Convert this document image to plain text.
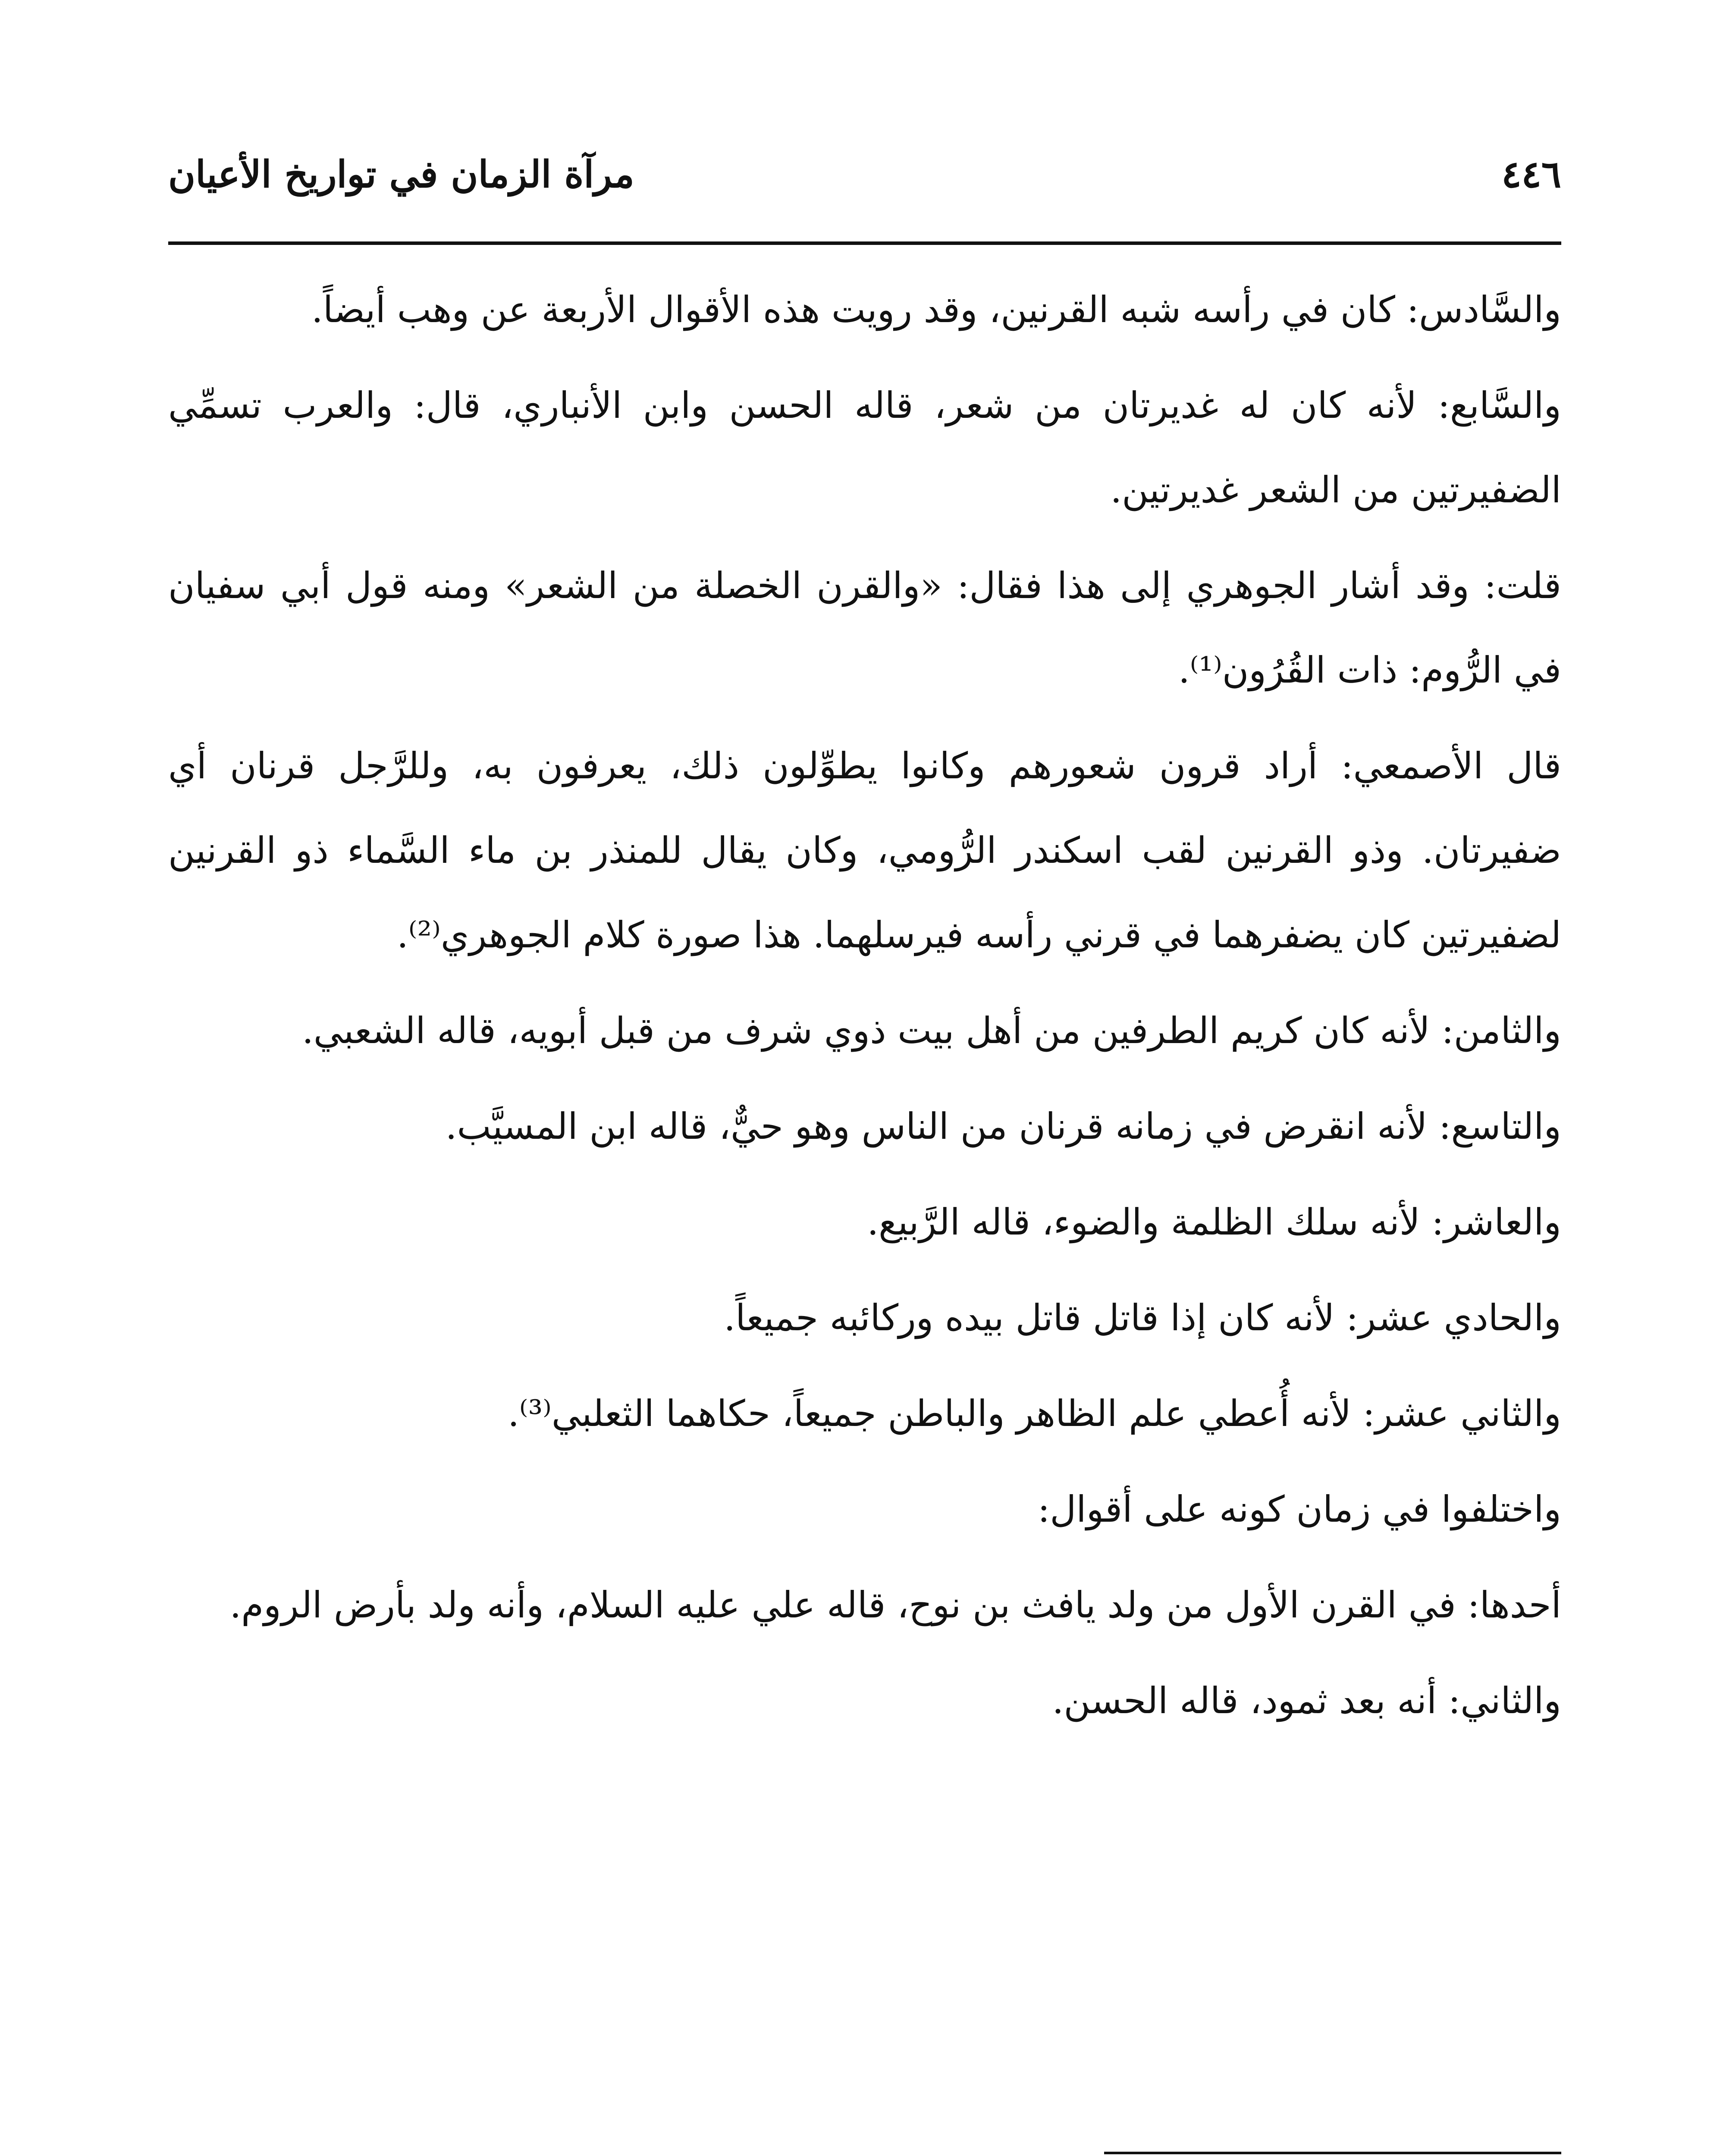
٤٤٦
مرآة الزمان في تواريخ الأعيان

والسَّادس: كان في رأسه شبه القرنين، وقد رويت هذه الأقوال الأربعة عن وهب أيضاً.

والسَّابع: لأنه كان له غديرتان من شعر، قاله الحسن وابن الأنباري، قال: والعرب تسمِّي الضفيرتين من الشعر غديرتين.

قلت: وقد أشار الجوهري إلى هذا فقال: «والقرن الخصلة من الشعر» ومنه قول أبي سفيان في الرُّوم: ذات القُرُون⁽¹⁾.

قال الأصمعي: أراد قرون شعورهم وكانوا يطوِّلون ذلك، يعرفون به، وللرَّجل قرنان أي ضفيرتان. وذو القرنين لقب اسكندر الرُّومي، وكان يقال للمنذر بن ماء السَّماء ذو القرنين لضفيرتين كان يضفرهما في قرني رأسه فيرسلهما. هذا صورة كلام الجوهري⁽²⁾.

والثامن: لأنه كان كريم الطرفين من أهل بيت ذوي شرف من قبل أبويه، قاله الشعبي.

والتاسع: لأنه انقرض في زمانه قرنان من الناس وهو حيٌّ، قاله ابن المسيَّب.

والعاشر: لأنه سلك الظلمة والضوء، قاله الرَّبيع.

والحادي عشر: لأنه كان إذا قاتل قاتل بيده وركائبه جميعاً.

والثاني عشر: لأنه أُعطي علم الظاهر والباطن جميعاً، حكاهما الثعلبي⁽³⁾.

واختلفوا في زمان كونه على أقوال:

أحدها: في القرن الأول من ولد يافث بن نوح، قاله علي عليه السلام، وأنه ولد بأرض الروم.

والثاني: أنه بعد ثمود، قاله الحسن.
